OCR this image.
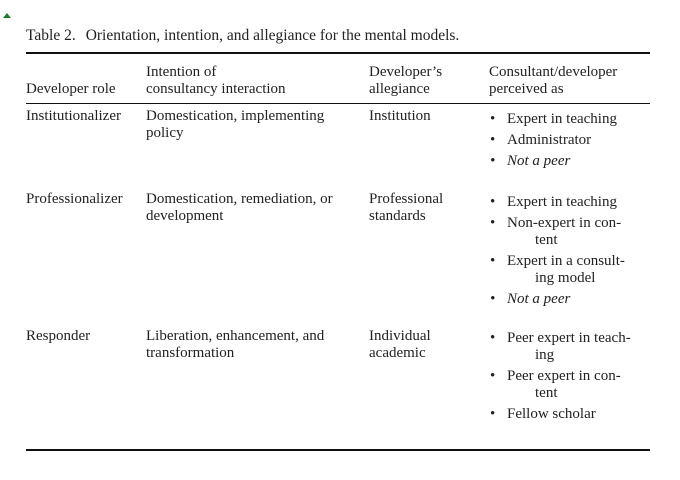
Table 2. Orientation, intention, and allegiance for the mental models.

Developer role
Intention of
consultancy interaction
Developer’s
allegiance
Consultant/developer
perceived as
Institutionalizer Domestication, implementing
policy
Institution
•	Expert in teaching
• Administrator
• Not a peer
Professionalizer Domestication, remediation, or
development
Professional
standards
• Expert in teaching
• Non-expert in con-
tent
• Expert in a consult-
ing model
• Not a peer
Responder	Liberation, enhancement, and
transformation
Individual
academic
• Peer expert in teach-
ing
• Peer expert in con-
tent
• Fellow scholar
